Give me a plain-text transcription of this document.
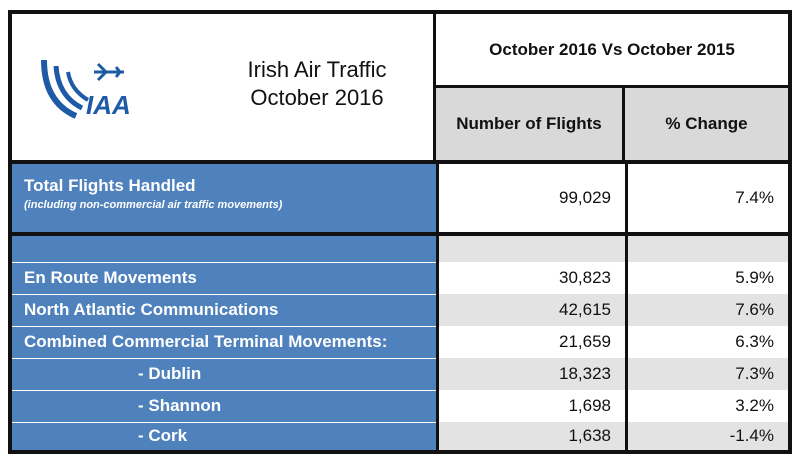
IAA
Irish Air Traffic
October 2016
October 2016 Vs October 2015
Number of Flights	% Change
Total Flights Handled
(including non-commercial air traffic movements)	99,029	7.4%
En Route Movements	30,823	5.9%
North Atlantic Communications	42,615	7.6%
Combined Commercial Terminal Movements:	21,659	6.3%
- Dublin	18,323	7.3%
- Shannon	1,698	3.2%
- Cork	1,638	-1.4%
